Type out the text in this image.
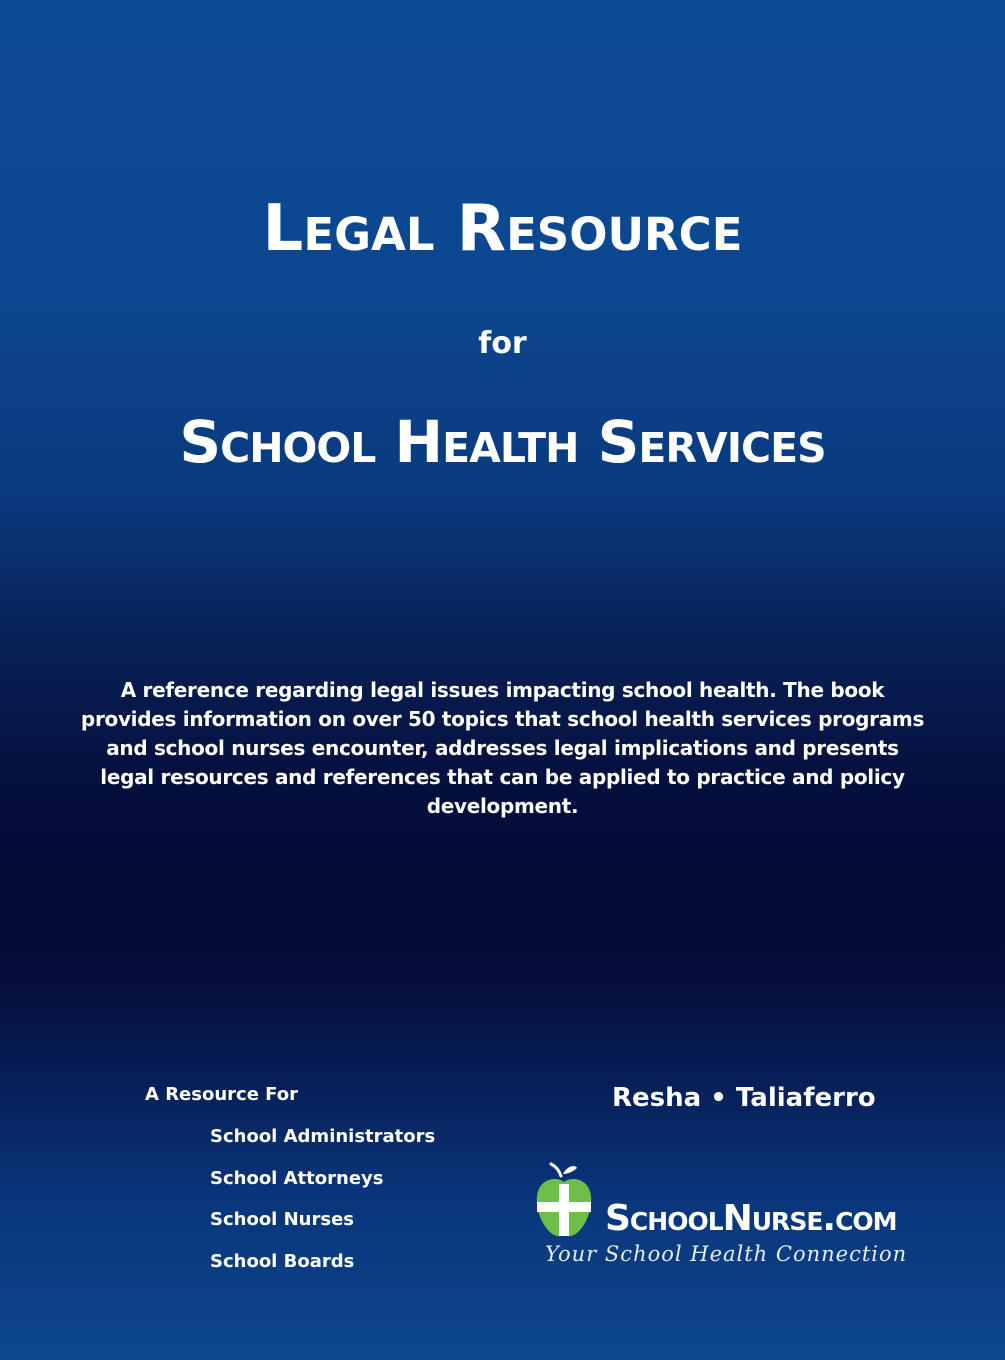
Legal Resource
for
School Health Services
A reference regarding legal issues impacting school health. The book provides information on over 50 topics that school health services programs and school nurses encounter, addresses legal implications and presents legal resources and references that can be applied to practice and policy development.
A Resource For
School Administrators
School Attorneys
School Nurses
School Boards
Resha • Taliaferro
SchoolNurse.com
Your School Health Connection
